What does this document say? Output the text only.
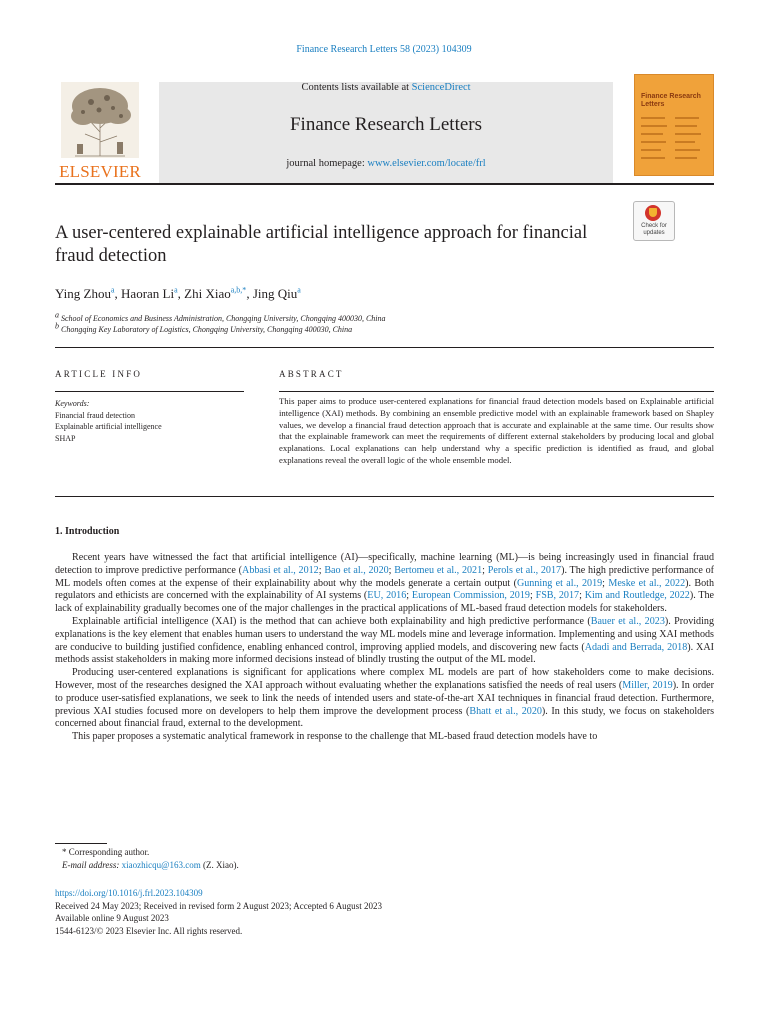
Finance Research Letters 58 (2023) 104309
ELSEVIER
Contents lists available at ScienceDirect
Finance Research Letters
journal homepage: www.elsevier.com/locate/frl
Finance Research Letters
Check for updates
A user-centered explainable artificial intelligence approach for financial fraud detection
Ying Zhou$^a$, Haoran Li$^a$, Zhi Xiao$^{a,b,*}$, Jing Qiu$^a$
$^a$ School of Economics and Business Administration, Chongqing University, Chongqing 400030, China
$^b$ Chongqing Key Laboratory of Logistics, Chongqing University, Chongqing 400030, China
ARTICLE INFO	ABSTRACT
Keywords:
Financial fraud detection
Explainable artificial intelligence
SHAP
This paper aims to produce user-centered explanations for financial fraud detection models based on Explainable artificial intelligence (XAI) methods. By combining an ensemble predictive model with an explainable framework based on Shapley values, we develop a financial fraud detection approach that is accurate and explainable at the same time. Our results show that the explainable framework can meet the requirements of different external stakeholders by producing local and global explanations. Local explanations can help understand why a specific prediction is identified as fraud, and global explanations reveal the overall logic of the whole ensemble model.
1. Introduction

Recent years have witnessed the fact that artificial intelligence (AI)—specifically, machine learning (ML)—is being increasingly used in financial fraud detection to improve predictive performance (Abbasi et al., 2012; Bao et al., 2020; Bertomeu et al., 2021; Perols et al., 2017). The high predictive performance of ML models often comes at the expense of their explainability about why the models generate a certain output (Gunning et al., 2019; Meske et al., 2022). Both regulators and ethicists are concerned with the explainability of AI systems (EU, 2016; European Commission, 2019; FSB, 2017; Kim and Routledge, 2022). The lack of explainability gradually becomes one of the major challenges in the practical applications of ML-based fraud detection models for stakeholders.

Explainable artificial intelligence (XAI) is the method that can achieve both explainability and high predictive performance (Bauer et al., 2023). Providing explanations is the key element that enables human users to understand the way ML models mine and leverage information. Implementing and using XAI methods are conducive to building justified confidence, enabling enhanced control, improving applied models, and discovering new facts (Adadi and Berrada, 2018). XAI methods assist stakeholders in making more informed decisions instead of blindly trusting the output of the ML model.

Producing user-centered explanations is significant for applications where complex ML models are part of how stakeholders come to make decisions. However, most of the researches designed the XAI approach without evaluating whether the explanations satisfied the needs of real users (Miller, 2019). In order to produce user-satisfied explanations, we seek to link the needs of intended users and state-of-the-art XAI techniques in financial fraud detection. Furthermore, previous XAI studies focused more on developers to help them improve the development process (Bhatt et al., 2020). In this study, we focus on stakeholders concerned about financial fraud, external to the development.

This paper proposes a systematic analytical framework in response to the challenge that ML-based fraud detection models have to

* Corresponding author.
E-mail address: xiaozhicqu@163.com (Z. Xiao).
https://doi.org/10.1016/j.frl.2023.104309
Received 24 May 2023; Received in revised form 2 August 2023; Accepted 6 August 2023
Available online 9 August 2023
1544-6123/© 2023 Elsevier Inc. All rights reserved.
